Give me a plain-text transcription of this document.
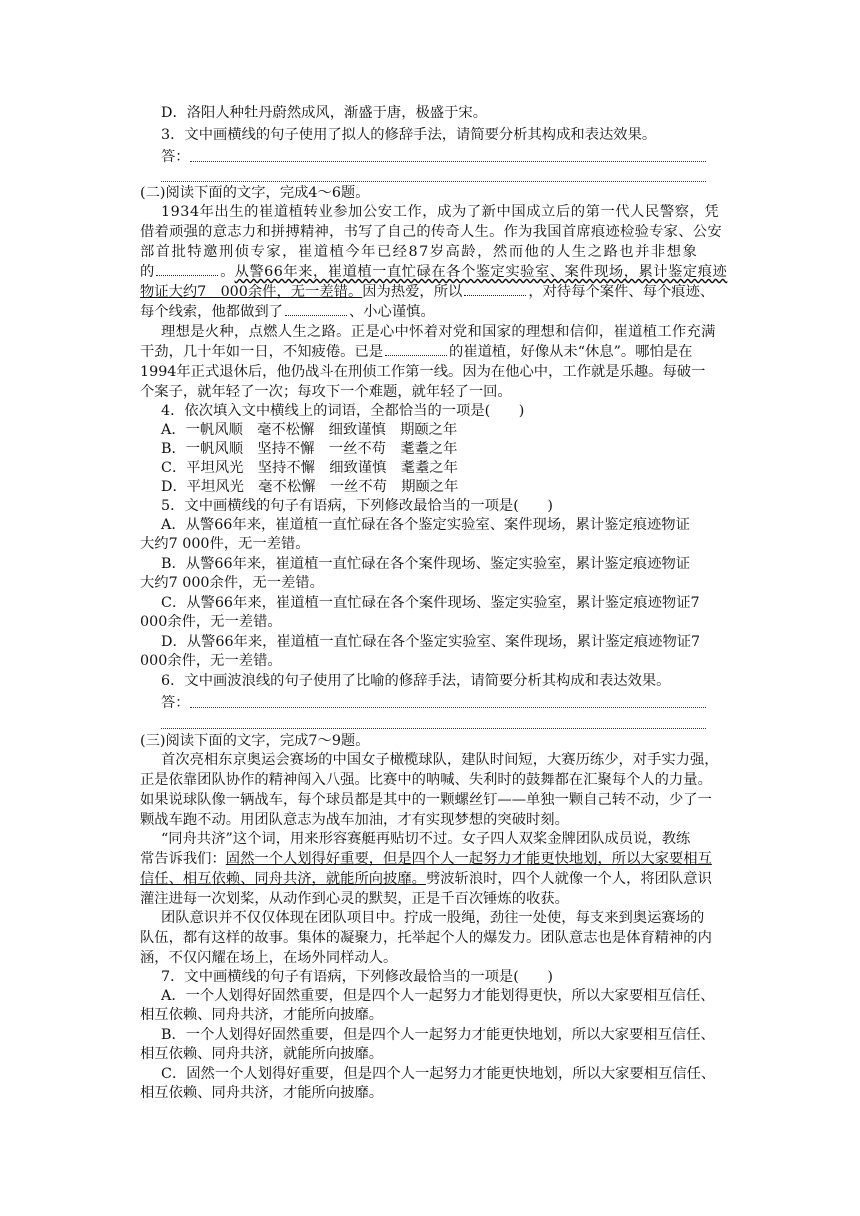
D．洛阳人种牡丹蔚然成风，渐盛于唐，极盛于宋。
3．文中画横线的句子使用了拟人的修辞手法，请简要分析其构成和表达效果。
答：
(二)阅读下面的文字，完成4～6题。
1934年出生的崔道植转业参加公安工作，成为了新中国成立后的第一代人民警察，凭
借着顽强的意志力和拼搏精神，书写了自己的传奇人生。作为我国首席痕迹检验专家、公安
部首批特邀刑侦专家，崔道植今年已经87岁高龄，然而他的人生之路也并非想象
的	。从警66年来，崔道植一直忙碌在各个鉴定实验室、案件现场，累计鉴定痕迹
物证大约7　000余件，无一差错。因为热爱，所以	，对待每个案件、每个痕迹、
每个线索，他都做到了	、小心谨慎。
理想是火种，点燃人生之路。正是心中怀着对党和国家的理想和信仰，崔道植工作充满
干劲，几十年如一日，不知疲倦。已是	的崔道植，好像从未“休息”。哪怕是在
1994年正式退休后，他仍战斗在刑侦工作第一线。因为在他心中，工作就是乐趣。每破一
个案子，就年轻了一次；每攻下一个难题，就年轻了一回。
4．依次填入文中横线上的词语，全都恰当的一项是(　　)
A．一帆风顺　毫不松懈　细致谨慎　期颐之年
B．一帆风顺　坚持不懈　一丝不苟　耄耋之年
C．平坦风光　坚持不懈　细致谨慎　耄耋之年
D．平坦风光　毫不松懈　一丝不苟　期颐之年
5．文中画横线的句子有语病，下列修改最恰当的一项是(　　)
A．从警66年来，崔道植一直忙碌在各个鉴定实验室、案件现场，累计鉴定痕迹物证
大约7 000件，无一差错。
B．从警66年来，崔道植一直忙碌在各个案件现场、鉴定实验室，累计鉴定痕迹物证
大约7 000余件，无一差错。
C．从警66年来，崔道植一直忙碌在各个案件现场、鉴定实验室，累计鉴定痕迹物证7
000余件，无一差错。
D．从警66年来，崔道植一直忙碌在各个鉴定实验室、案件现场，累计鉴定痕迹物证7
000余件，无一差错。
6．文中画波浪线的句子使用了比喻的修辞手法，请简要分析其构成和表达效果。
答：
(三)阅读下面的文字，完成7～9题。
首次亮相东京奥运会赛场的中国女子橄榄球队，建队时间短，大赛历练少，对手实力强，
正是依靠团队协作的精神闯入八强。比赛中的呐喊、失利时的鼓舞都在汇聚每个人的力量。
如果说球队像一辆战车，每个球员都是其中的一颗螺丝钉——单独一颗自己转不动，少了一
颗战车跑不动。用团队意志为战车加油，才有实现梦想的突破时刻。
“同舟共济”这个词，用来形容赛艇再贴切不过。女子四人双桨金牌团队成员说，教练
常告诉我们：固然一个人划得好重要，但是四个人一起努力才能更快地划，所以大家要相互
信任、相互依赖、同舟共济，就能所向披靡。劈波斩浪时，四个人就像一个人，将团队意识
灌注进每一次划桨，从动作到心灵的默契，正是千百次锤炼的收获。
团队意识并不仅仅体现在团队项目中。拧成一股绳，劲往一处使，每支来到奥运赛场的
队伍，都有这样的故事。集体的凝聚力，托举起个人的爆发力。团队意志也是体育精神的内
涵，不仅闪耀在场上，在场外同样动人。
7．文中画横线的句子有语病，下列修改最恰当的一项是(　　)
A．一个人划得好固然重要，但是四个人一起努力才能划得更快，所以大家要相互信任、
相互依赖、同舟共济，才能所向披靡。
B．一个人划得好固然重要，但是四个人一起努力才能更快地划，所以大家要相互信任、
相互依赖、同舟共济，就能所向披靡。
C．固然一个人划得好重要，但是四个人一起努力才能更快地划，所以大家要相互信任、
相互依赖、同舟共济，才能所向披靡。
